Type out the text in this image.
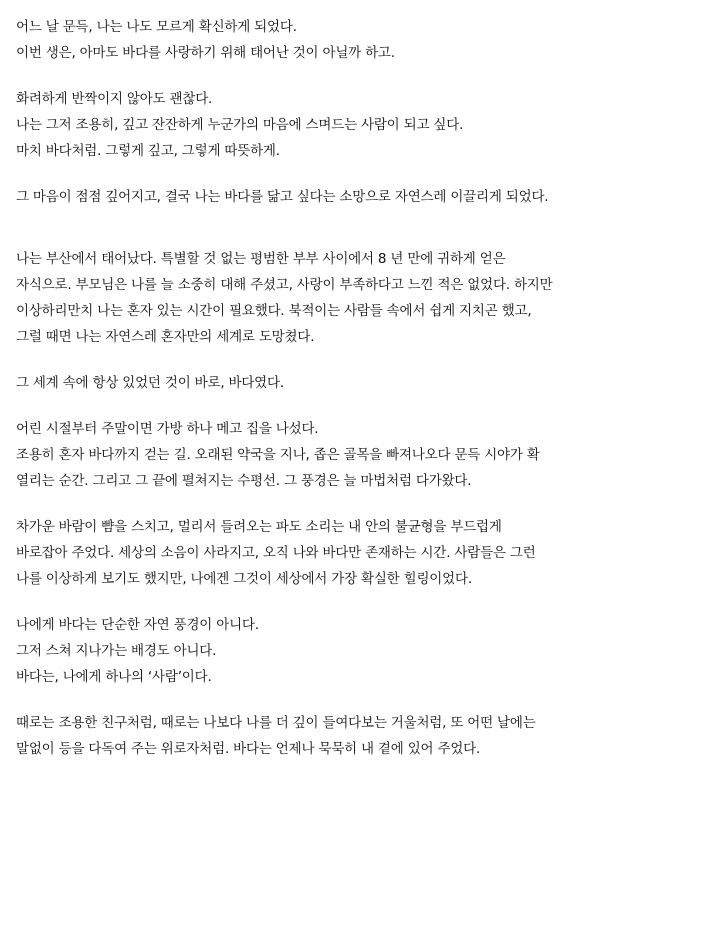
어느 날 문득, 나는 나도 모르게 확신하게 되었다.
이번 생은, 아마도 바다를 사랑하기 위해 태어난 것이 아닐까 하고.
화려하게 반짝이지 않아도 괜찮다.
나는 그저 조용히, 깊고 잔잔하게 누군가의 마음에 스며드는 사람이 되고 싶다.
마치 바다처럼. 그렇게 깊고, 그렇게 따뜻하게.
그 마음이 점점 깊어지고, 결국 나는 바다를 닮고 싶다는 소망으로 자연스레 이끌리게 되었다.
나는 부산에서 태어났다. 특별할 것 없는 평범한 부부 사이에서 8 년 만에 귀하게 얻은
자식으로. 부모님은 나를 늘 소중히 대해 주셨고, 사랑이 부족하다고 느낀 적은 없었다. 하지만
이상하리만치 나는 혼자 있는 시간이 필요했다. 북적이는 사람들 속에서 쉽게 지치곤 했고,
그럴 때면 나는 자연스레 혼자만의 세계로 도망쳤다.
그 세계 속에 항상 있었던 것이 바로, 바다였다.
어린 시절부터 주말이면 가방 하나 메고 집을 나섰다.
조용히 혼자 바다까지 걷는 길. 오래된 약국을 지나, 좁은 골목을 빠져나오다 문득 시야가 확
열리는 순간. 그리고 그 끝에 펼쳐지는 수평선. 그 풍경은 늘 마법처럼 다가왔다.
차가운 바람이 뺨을 스치고, 멀리서 들려오는 파도 소리는 내 안의 불균형을 부드럽게
바로잡아 주었다. 세상의 소음이 사라지고, 오직 나와 바다만 존재하는 시간. 사람들은 그런
나를 이상하게 보기도 했지만, 나에겐 그것이 세상에서 가장 확실한 힐링이었다.
나에게 바다는 단순한 자연 풍경이 아니다.
그저 스쳐 지나가는 배경도 아니다.
바다는, 나에게 하나의 ‘사람’이다.
때로는 조용한 친구처럼, 때로는 나보다 나를 더 깊이 들여다보는 거울처럼, 또 어떤 날에는
말없이 등을 다독여 주는 위로자처럼. 바다는 언제나 묵묵히 내 곁에 있어 주었다.
